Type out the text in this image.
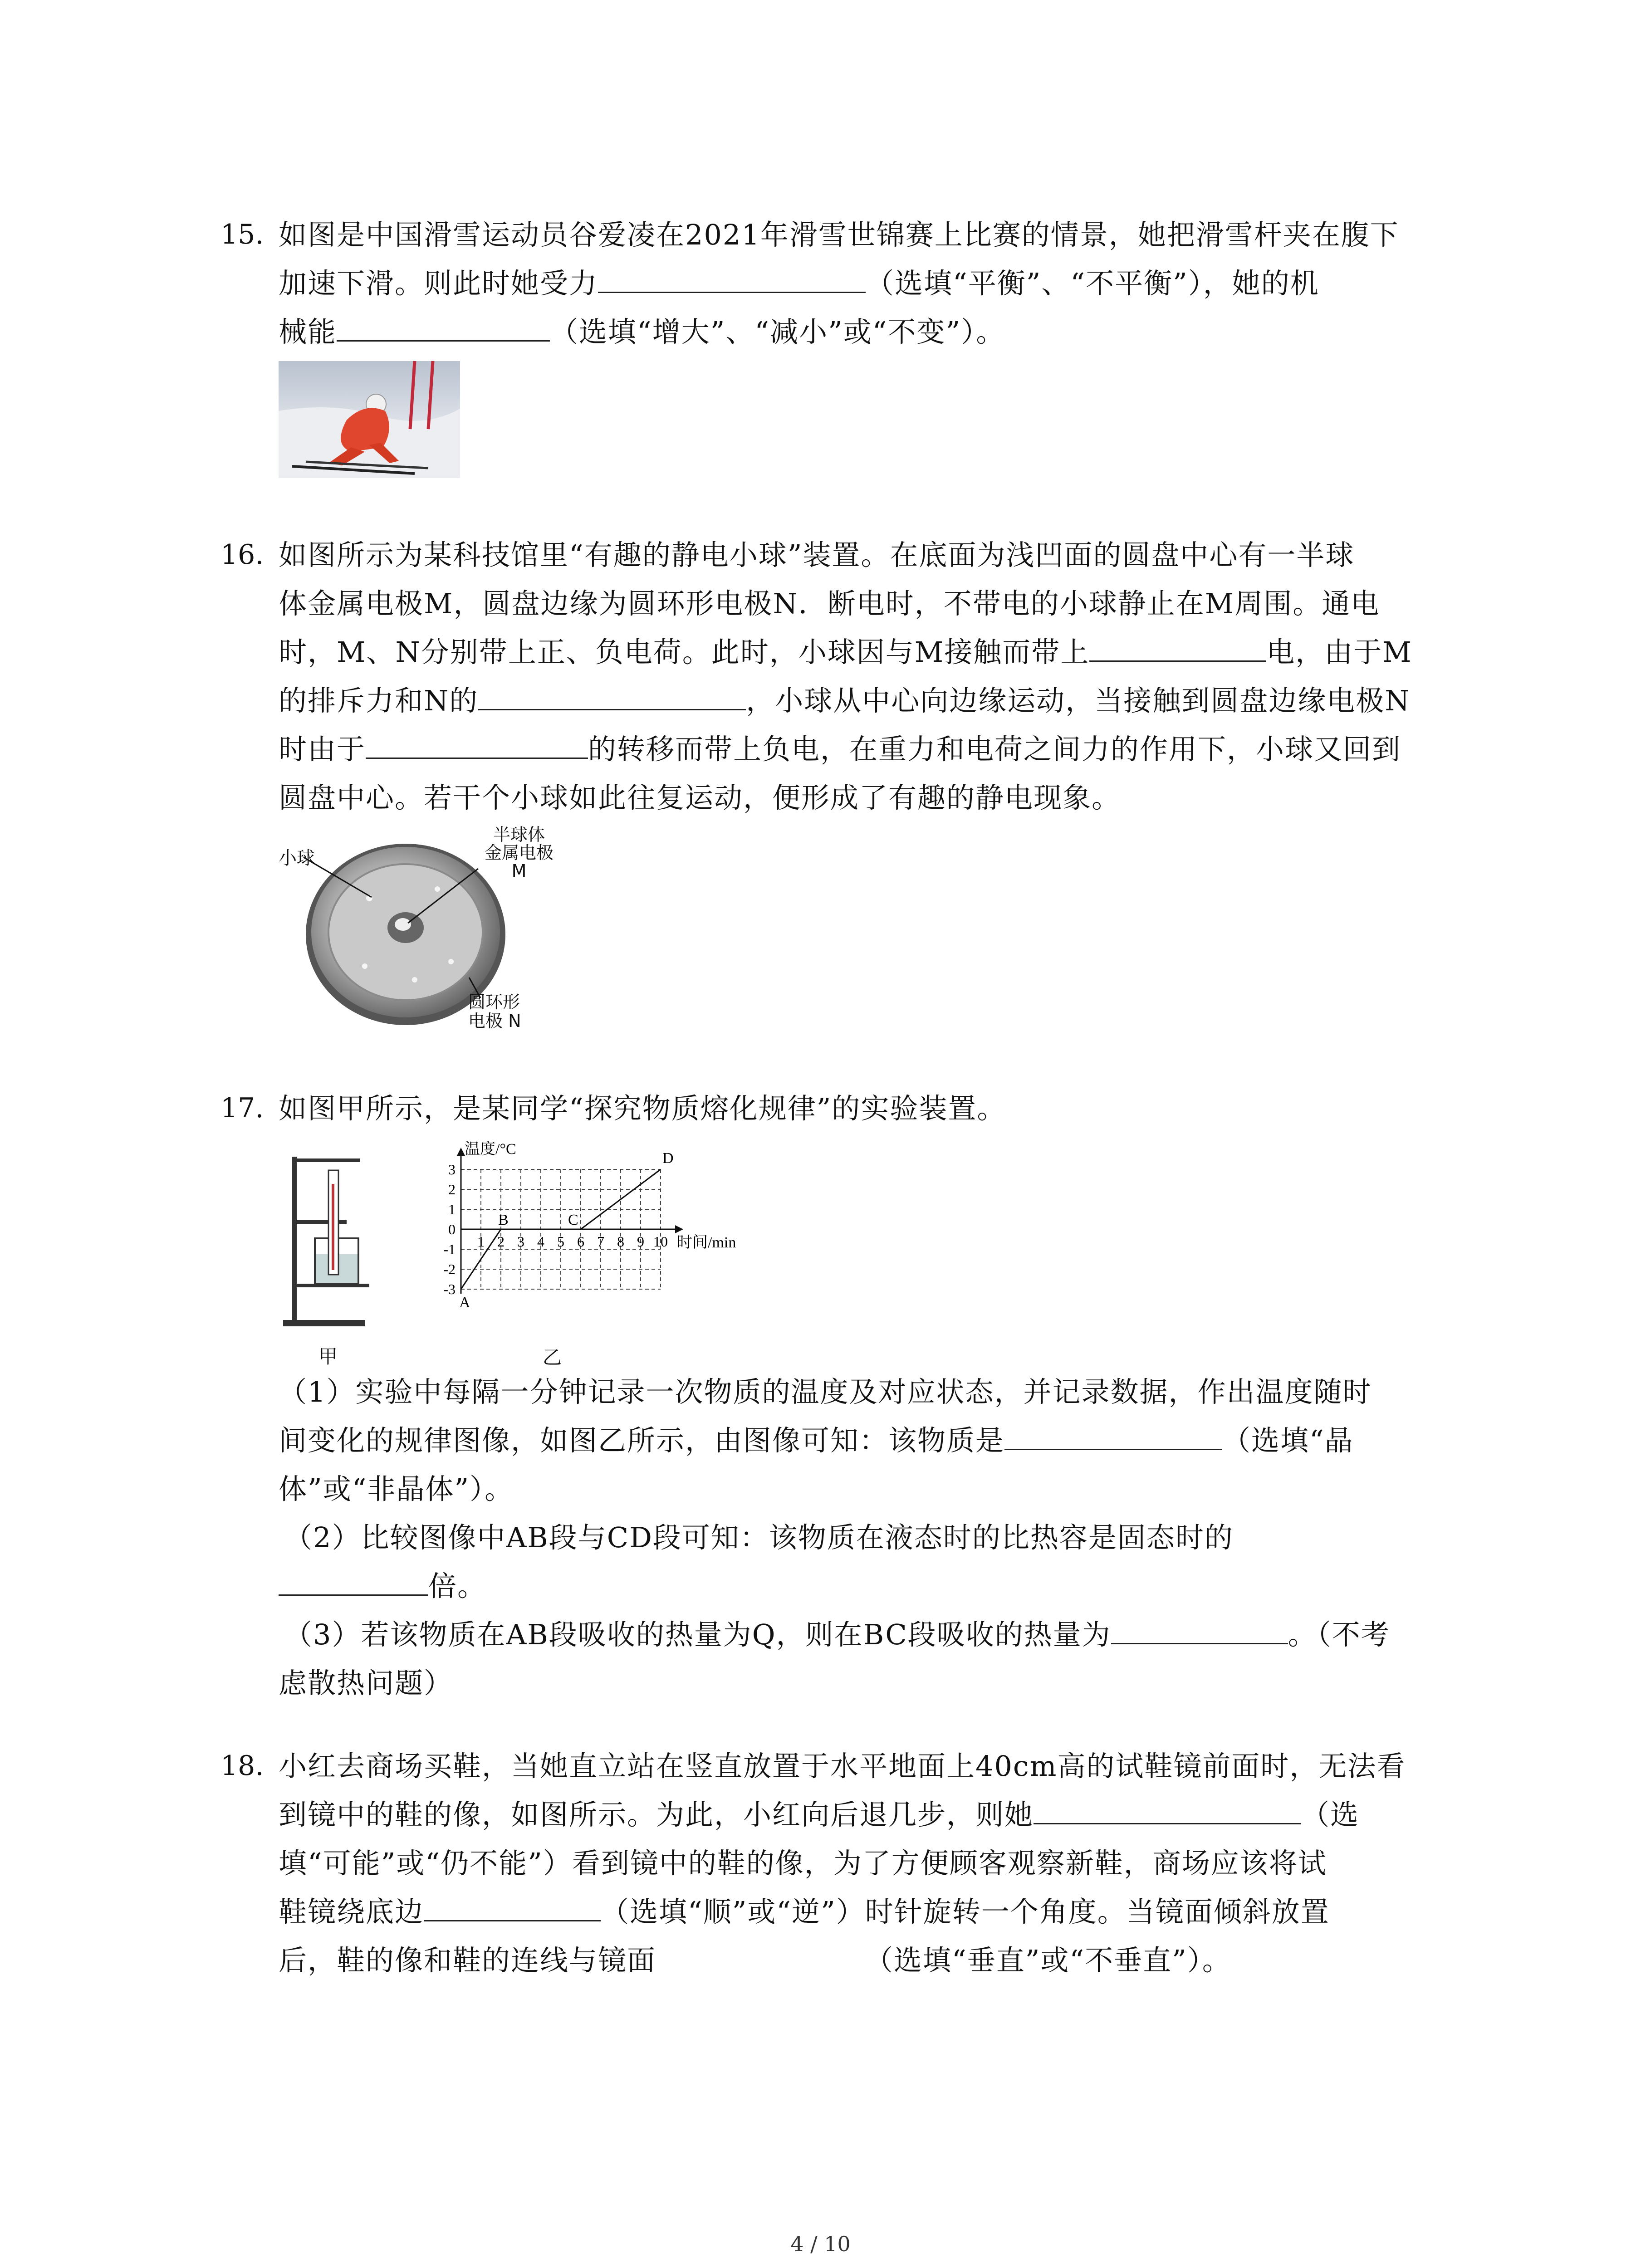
15. 如图是中国滑雪运动员谷爱凌在2021年滑雪世锦赛上比赛的情景，她把滑雪杆夹在腹下
加速下滑。则此时她受力	（选填“平衡”、“不平衡”），她的机
械能	（选填“增大”、“减小”或“不变”）。
16. 如图所示为某科技馆里“有趣的静电小球”装置。在底面为浅凹面的圆盘中心有一半球
体金属电极M，圆盘边缘为圆环形电极N．断电时，不带电的小球静止在M周围。通电
时，M、N分别带上正、负电荷。此时，小球因与M接触而带上	电，由于M
的排斥力和N的	，小球从中心向边缘运动，当接触到圆盘边缘电极N
时由于	的转移而带上负电，在重力和电荷之间力的作用下，小球又回到
圆盘中心。若干个小球如此往复运动，便形成了有趣的静电现象。
小球
半球体
金属电极
M
圆环形
电极 N
17. 如图甲所示，是某同学“探究物质熔化规律”的实验装置。
甲
温度/°C
时间/min
3
2
1
0
-1
-2
-3
1 2 3 4 5 6 7 8 9 10
A
B	C
D
乙
（1）实验中每隔一分钟记录一次物质的温度及对应状态，并记录数据，作出温度随时
间变化的规律图像，如图乙所示，由图像可知：该物质是	（选填“晶
体”或“非晶体”）。
（2）比较图像中AB段与CD段可知：该物质在液态时的比热容是固态时的
倍。
（3）若该物质在AB段吸收的热量为Q，则在BC段吸收的热量为	。（不考
虑散热问题）
18. 小红去商场买鞋，当她直立站在竖直放置于水平地面上40cm高的试鞋镜前面时，无法看
到镜中的鞋的像，如图所示。为此，小红向后退几步，则她	（选
填“可能”或“仍不能”）看到镜中的鞋的像，为了方便顾客观察新鞋，商场应该将试
鞋镜绕底边	（选填“顺”或“逆”）时针旋转一个角度。当镜面倾斜放置
后，鞋的像和鞋的连线与镜面	（选填“垂直”或“不垂直”）。
4 / 10
